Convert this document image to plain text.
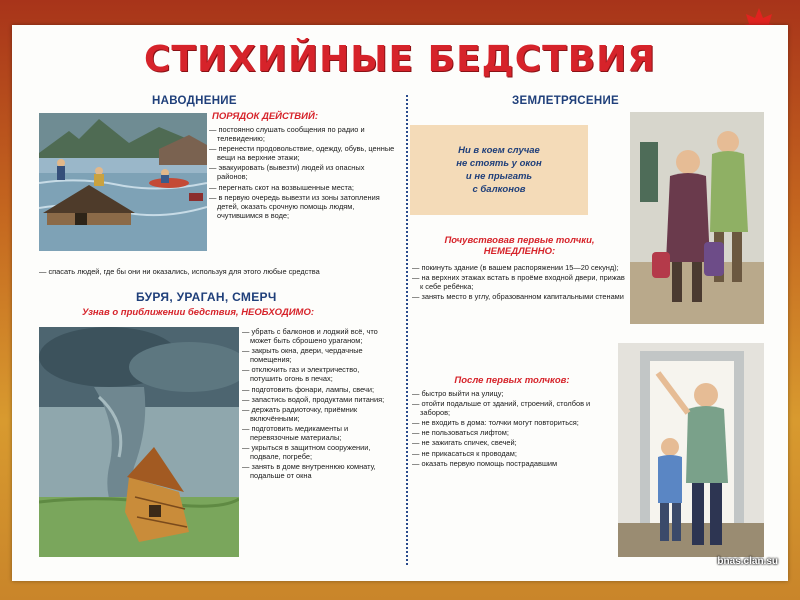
СТИХИЙНЫЕ БЕДСТВИЯ
НАВОДНЕНИЕ
ПОРЯДОК ДЕЙСТВИЙ:
— постоянно слушать сообщения по радио и телевидению;
— перенести продовольствие, одежду, обувь, ценные вещи на верхние этажи;
— эвакуировать (вывезти) людей из опасных районов;
— перегнать скот на возвышенные места;
— в первую очередь вывезти из зоны затопления детей, оказать срочную помощь людям, очутившимся в воде;
— спасать людей, где бы они ни оказались, используя для этого любые средства
БУРЯ, УРАГАН, СМЕРЧ
Узнав о приближении бедствия, НЕОБХОДИМО:
— убрать с балконов и лоджий всё, что может быть сброшено ураганом;
— закрыть окна, двери, чердачные помещения;
— отключить газ и электричество, потушить огонь в печах;
— подготовить фонари, лампы, свечи;
— запастись водой, продуктами питания;
— держать радиоточку, приёмник включёнными;
— подготовить медикаменты и перевязочные материалы;
— укрыться в защитном сооружении, подвале, погребе;
— занять в доме внутреннюю комнату, подальше от окна
ЗЕМЛЕТРЯСЕНИЕ
Ни в коем случае
не стоять у окон
и не прыгать
с балконов
Почувствовав первые толчки,
НЕМЕДЛЕННО:
— покинуть здание (в вашем распоряжении 15—20 секунд);
— на верхних этажах встать в проёме входной двери, прижав к себе ребёнка;
— занять место в углу, образованном капитальными стенами
После первых толчков:
— быстро выйти на улицу;
— отойти подальше от зданий, строений, столбов и заборов;
— не входить в дома: толчки могут повториться;
— не пользоваться лифтом;
— не зажигать спичек, свечей;
— не прикасаться к проводам;
— оказать первую помощь пострадавшим
bnas.clan.su
